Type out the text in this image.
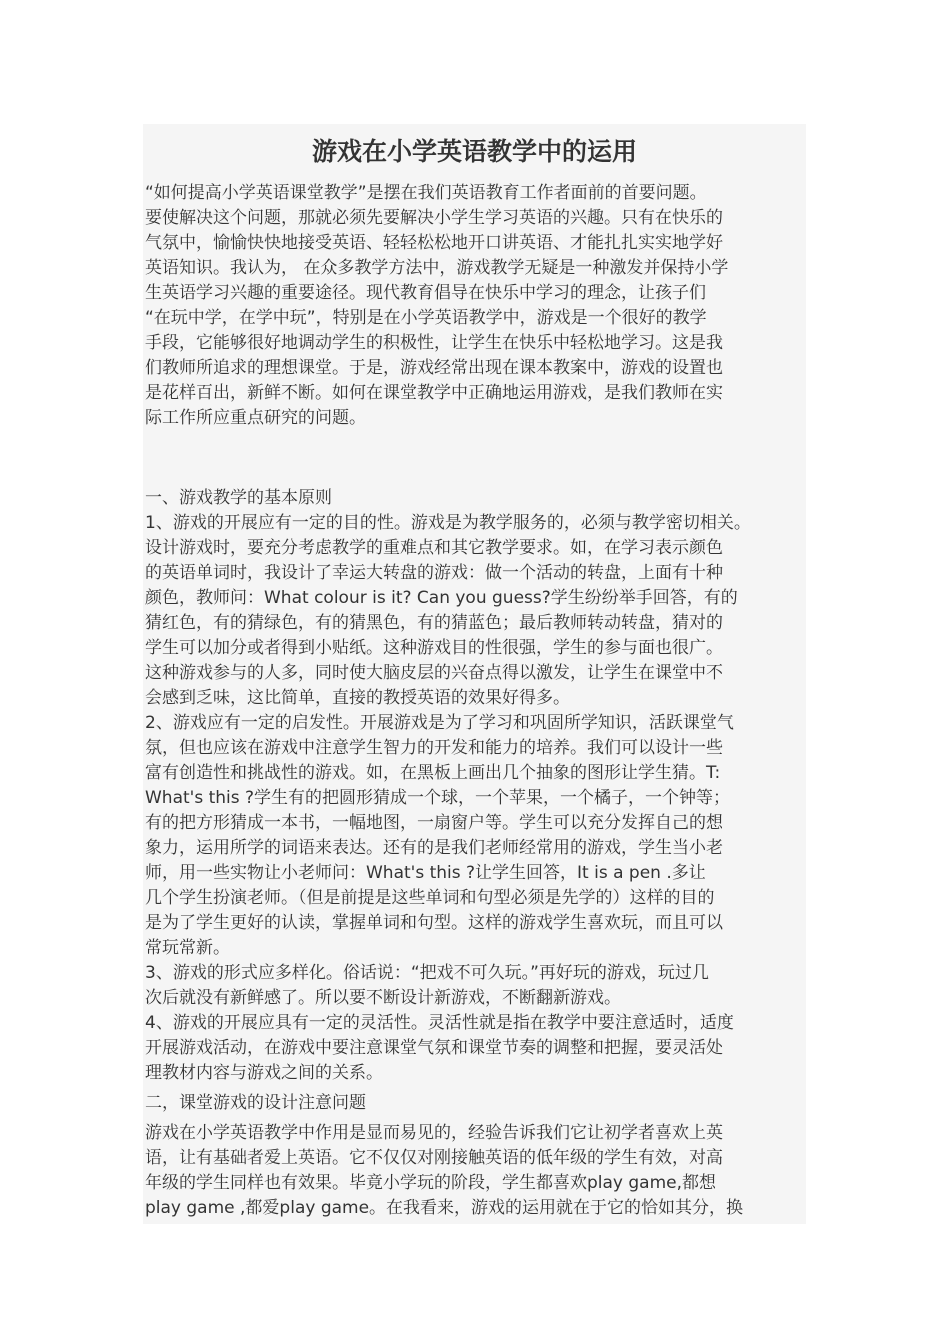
游戏在小学英语教学中的运用
“如何提高小学英语课堂教学”是摆在我们英语教育工作者面前的首要问题。
要使解决这个问题，那就必须先要解决小学生学习英语的兴趣。只有在快乐的
气氛中，愉愉快快地接受英语、轻轻松松地开口讲英语、才能扎扎实实地学好
英语知识。我认为， 在众多教学方法中，游戏教学无疑是一种激发并保持小学
生英语学习兴趣的重要途径。现代教育倡导在快乐中学习的理念，让孩子们
“在玩中学，在学中玩”，特别是在小学英语教学中，游戏是一个很好的教学
手段，它能够很好地调动学生的积极性，让学生在快乐中轻松地学习。这是我
们教师所追求的理想课堂。于是，游戏经常出现在课本教案中，游戏的设置也
是花样百出，新鲜不断。如何在课堂教学中正确地运用游戏，是我们教师在实
际工作所应重点研究的问题。
一、游戏教学的基本原则
1、游戏的开展应有一定的目的性。游戏是为教学服务的，必须与教学密切相关。
设计游戏时，要充分考虑教学的重难点和其它教学要求。如，在学习表示颜色
的英语单词时，我设计了幸运大转盘的游戏：做一个活动的转盘，上面有十种
颜色，教师问：What colour is it? Can you guess?学生纷纷举手回答，有的
猜红色，有的猜绿色，有的猜黑色，有的猜蓝色；最后教师转动转盘，猜对的
学生可以加分或者得到小贴纸。这种游戏目的性很强，学生的参与面也很广。
这种游戏参与的人多，同时使大脑皮层的兴奋点得以激发，让学生在课堂中不
会感到乏味，这比简单，直接的教授英语的效果好得多。
2、游戏应有一定的启发性。开展游戏是为了学习和巩固所学知识，活跃课堂气
氛，但也应该在游戏中注意学生智力的开发和能力的培养。我们可以设计一些
富有创造性和挑战性的游戏。如，在黑板上画出几个抽象的图形让学生猜。T:
What's this ?学生有的把圆形猜成一个球，一个苹果，一个橘子，一个钟等；
有的把方形猜成一本书，一幅地图，一扇窗户等。学生可以充分发挥自己的想
象力，运用所学的词语来表达。还有的是我们老师经常用的游戏，学生当小老
师，用一些实物让小老师问：What's this ?让学生回答，It is a pen .多让
几个学生扮演老师。（但是前提是这些单词和句型必须是先学的）这样的目的
是为了学生更好的认读，掌握单词和句型。这样的游戏学生喜欢玩，而且可以
常玩常新。
3、游戏的形式应多样化。俗话说：“把戏不可久玩。”再好玩的游戏，玩过几
次后就没有新鲜感了。所以要不断设计新游戏，不断翻新游戏。
4、游戏的开展应具有一定的灵活性。灵活性就是指在教学中要注意适时，适度
开展游戏活动，在游戏中要注意课堂气氛和课堂节奏的调整和把握，要灵活处
理教材内容与游戏之间的关系。
二，课堂游戏的设计注意问题
游戏在小学英语教学中作用是显而易见的，经验告诉我们它让初学者喜欢上英
语，让有基础者爱上英语。它不仅仅对刚接触英语的低年级的学生有效，对高
年级的学生同样也有效果。毕竟小学玩的阶段，学生都喜欢play game,都想
play game ,都爱play game。在我看来，游戏的运用就在于它的恰如其分，换
